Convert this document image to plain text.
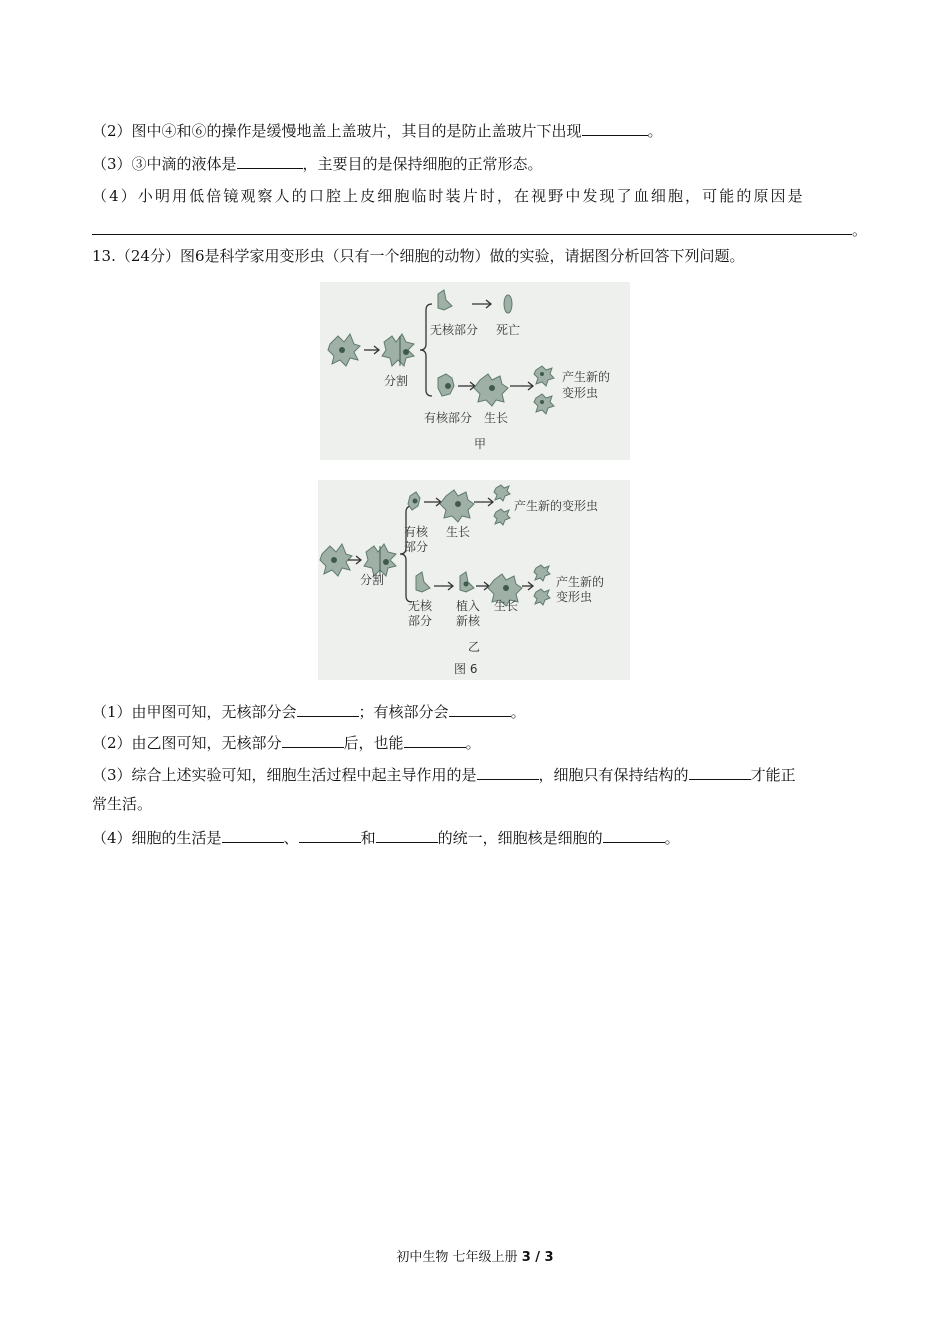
（2）图中④和⑥的操作是缓慢地盖上盖玻片，其目的是防止盖玻片下出现	。
（3）③中滴的液体是	，主要目的是保持细胞的正常形态。
（4）小明用低倍镜观察人的口腔上皮细胞临时装片时，在视野中发现了血细胞，可能的原因是
。
13.（24分）图6是科学家用变形虫（只有一个细胞的动物）做的实验，请据图分析回答下列问题。
分割
无核部分 死亡
产生新的
变形虫
有核部分 生长
甲
分割
产生新的变形虫
有核
部分
生长
产生新的
变形虫
无核
部分
植入
新核
生长
乙
图 6
（1）由甲图可知，无核部分会	；有核部分会	。
（2）由乙图可知，无核部分	后，也能	。
（3）综合上述实验可知，细胞生活过程中起主导作用的是	，细胞只有保持结构的	才能正
常生活。
（4）细胞的生活是	、	和	的统一，细胞核是细胞的	。
初中生物 七年级上册 3 / 3
